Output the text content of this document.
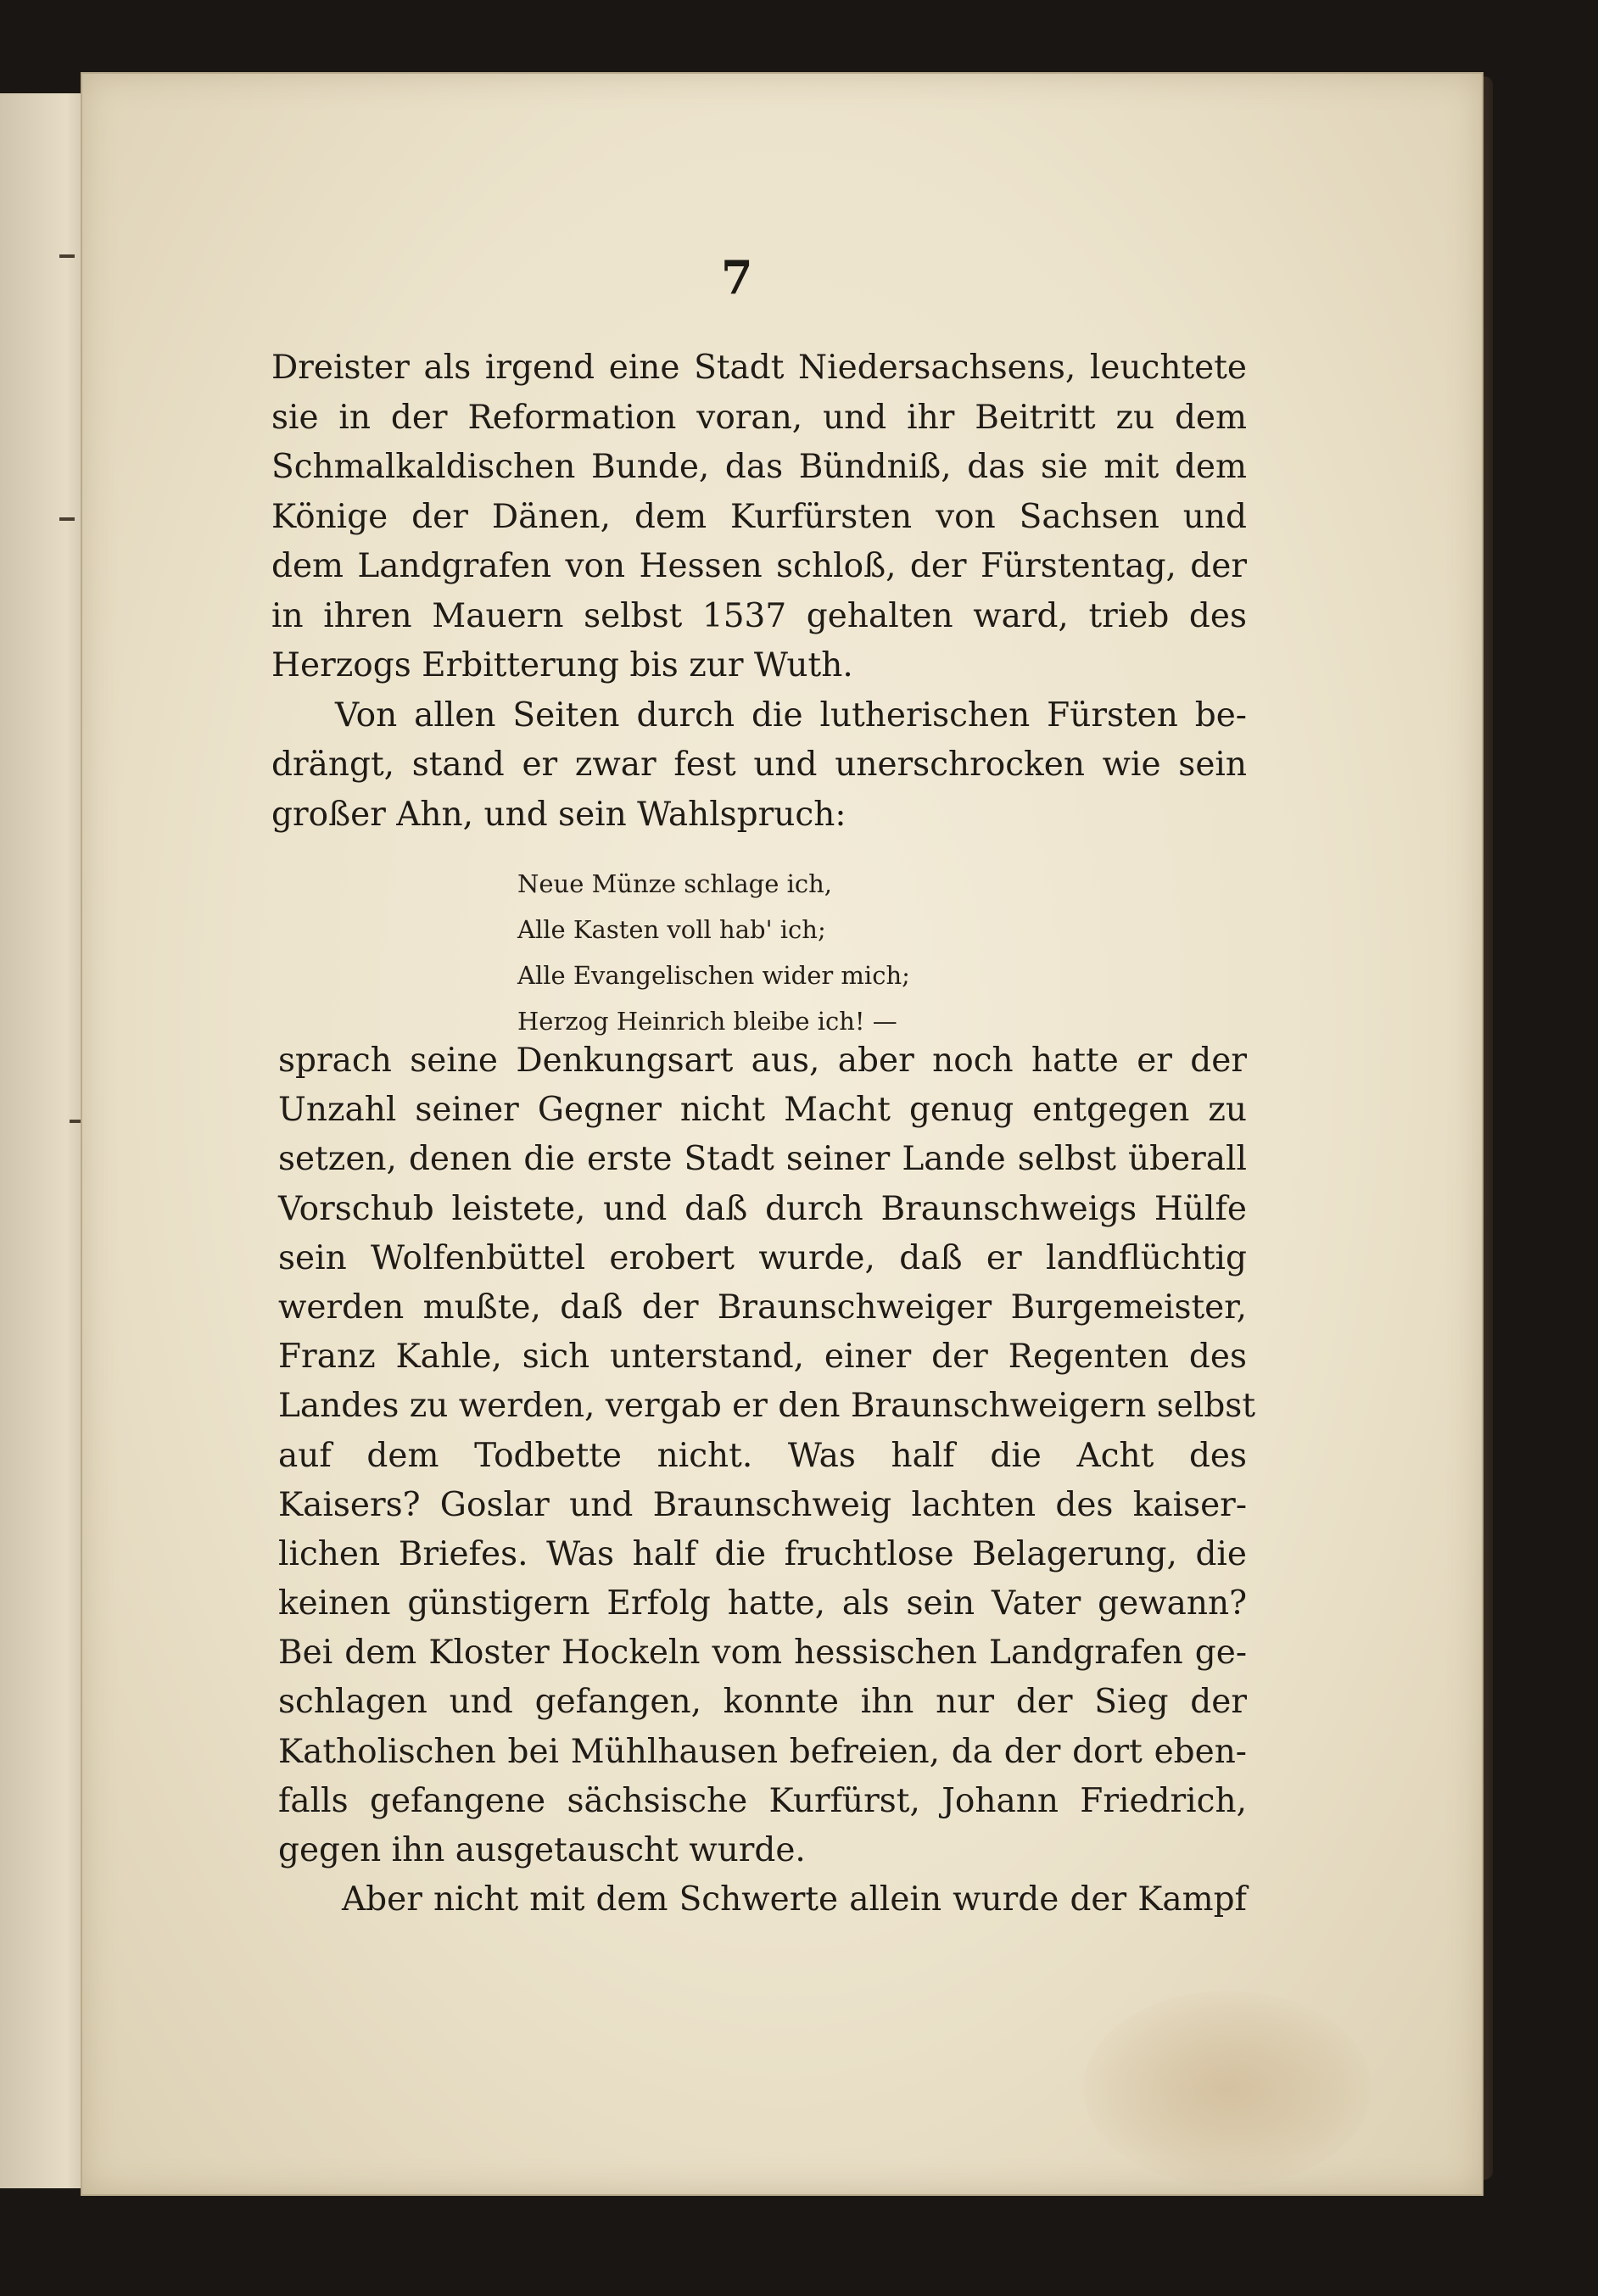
7
Dreister als irgend eine Stadt Niedersachsens, leuchtete
sie in der Reformation voran, und ihr Beitritt zu dem
Schmalkaldischen Bunde, das Bündniß, das sie mit dem
Könige der Dänen, dem Kurfürsten von Sachsen und
dem Landgrafen von Hessen schloß, der Fürstentag, der
in ihren Mauern selbst 1537 gehalten ward, trieb des
Herzogs Erbitterung bis zur Wuth.
Von allen Seiten durch die lutherischen Fürsten be-
drängt, stand er zwar fest und unerschrocken wie sein
großer Ahn, und sein Wahlspruch:
Neue Münze schlage ich,
Alle Kasten voll hab' ich;
Alle Evangelischen wider mich;
Herzog Heinrich bleibe ich! —
sprach seine Denkungsart aus, aber noch hatte er der
Unzahl seiner Gegner nicht Macht genug entgegen zu
setzen, denen die erste Stadt seiner Lande selbst überall
Vorschub leistete, und daß durch Braunschweigs Hülfe
sein Wolfenbüttel erobert wurde, daß er landflüchtig
werden mußte, daß der Braunschweiger Burgemeister,
Franz Kahle, sich unterstand, einer der Regenten des
Landes zu werden, vergab er den Braunschweigern selbst
auf dem Todbette nicht. Was half die Acht des
Kaisers? Goslar und Braunschweig lachten des kaiser-
lichen Briefes. Was half die fruchtlose Belagerung, die
keinen günstigern Erfolg hatte, als sein Vater gewann?
Bei dem Kloster Hockeln vom hessischen Landgrafen ge-
schlagen und gefangen, konnte ihn nur der Sieg der
Katholischen bei Mühlhausen befreien, da der dort eben-
falls gefangene sächsische Kurfürst, Johann Friedrich,
gegen ihn ausgetauscht wurde.
Aber nicht mit dem Schwerte allein wurde der Kampf
